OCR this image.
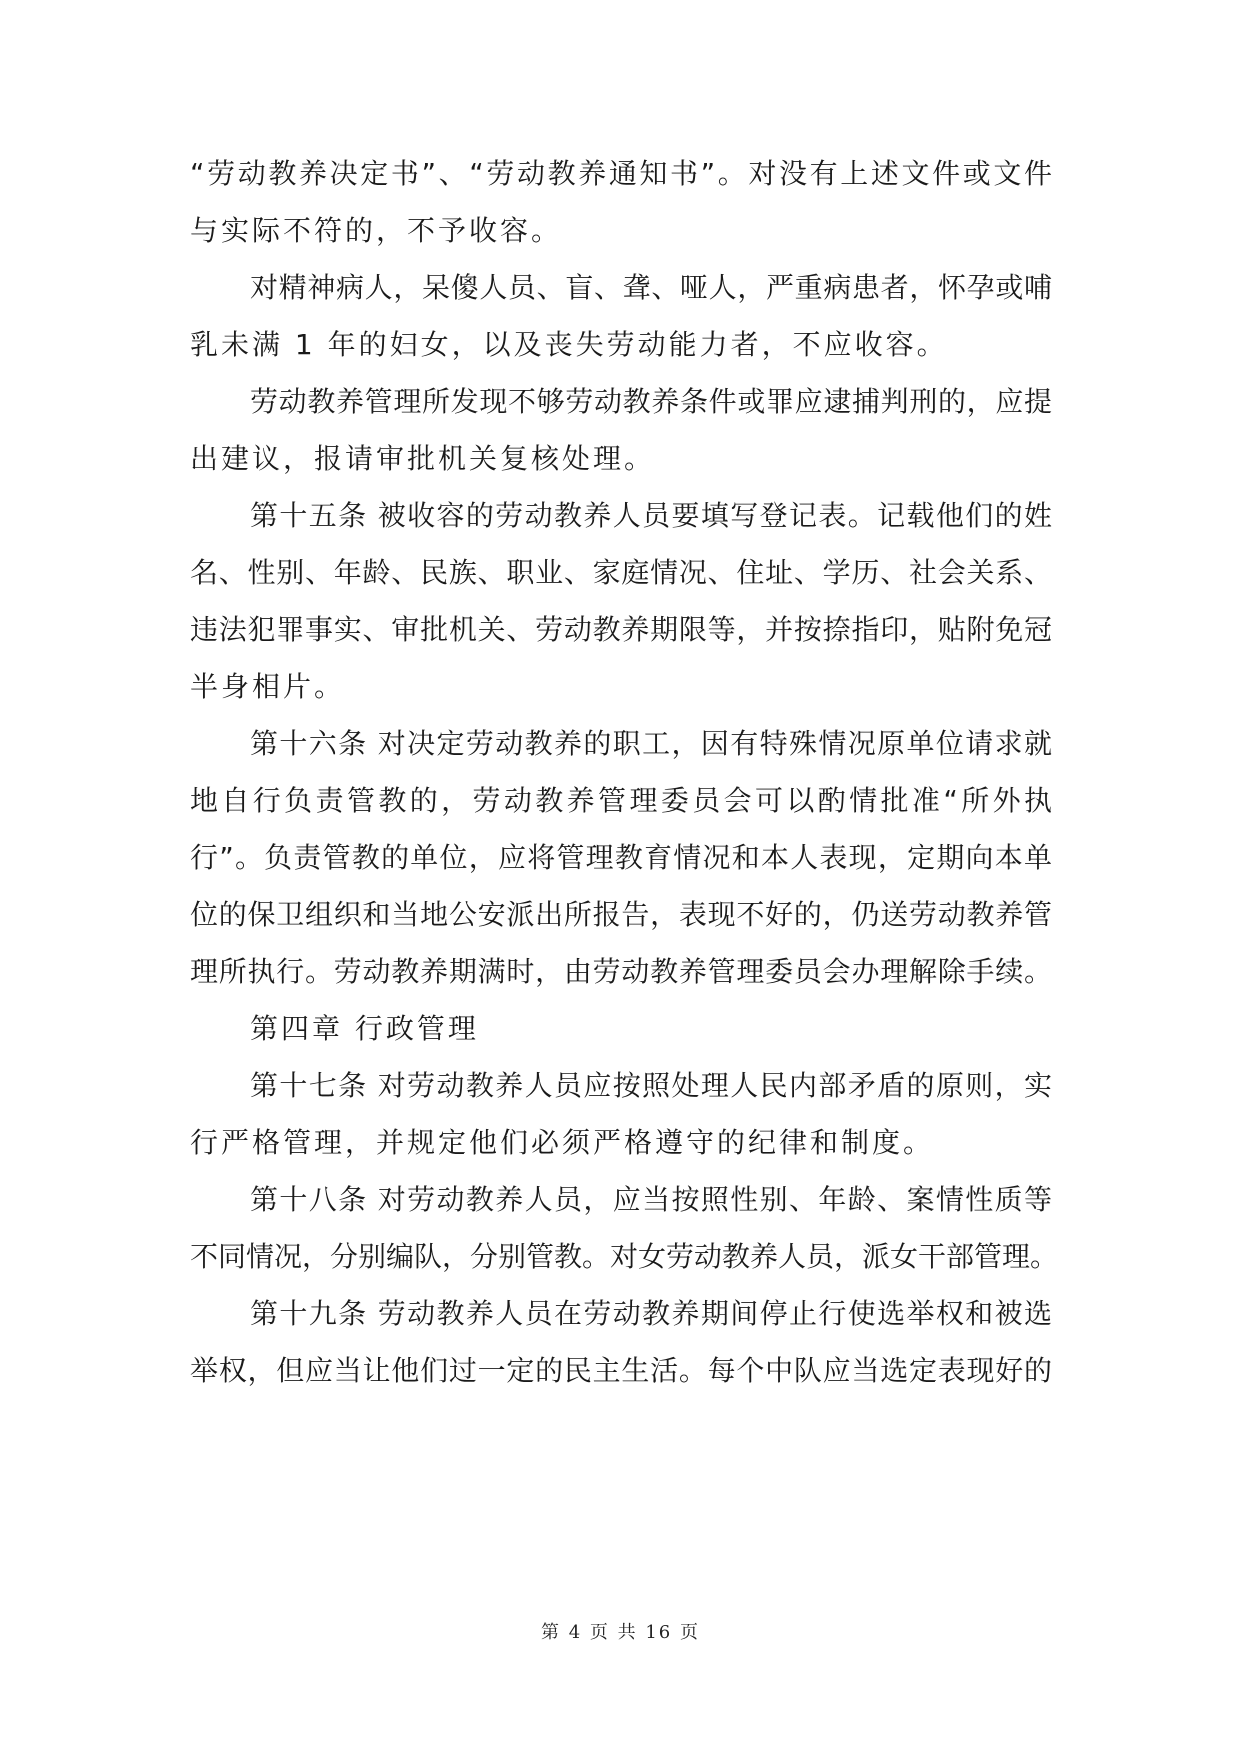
“劳动教养决定书”、“劳动教养通知书”。对没有上述文件或文件
与实际不符的，不予收容。
对精神病人，呆傻人员、盲、聋、哑人，严重病患者，怀孕或哺
乳未满 1 年的妇女，以及丧失劳动能力者，不应收容。
劳动教养管理所发现不够劳动教养条件或罪应逮捕判刑的，应提
出建议，报请审批机关复核处理。
第十五条 被收容的劳动教养人员要填写登记表。记载他们的姓
名、性别、年龄、民族、职业、家庭情况、住址、学历、社会关系、
违法犯罪事实、审批机关、劳动教养期限等，并按捺指印，贴附免冠
半身相片。
第十六条 对决定劳动教养的职工，因有特殊情况原单位请求就
地自行负责管教的，劳动教养管理委员会可以酌情批准“所外执
行”。负责管教的单位，应将管理教育情况和本人表现，定期向本单
位的保卫组织和当地公安派出所报告，表现不好的，仍送劳动教养管
理所执行。劳动教养期满时，由劳动教养管理委员会办理解除手续。
第四章 行政管理
第十七条 对劳动教养人员应按照处理人民内部矛盾的原则，实
行严格管理，并规定他们必须严格遵守的纪律和制度。
第十八条 对劳动教养人员，应当按照性别、年龄、案情性质等
不同情况，分别编队，分别管教。对女劳动教养人员，派女干部管理。
第十九条 劳动教养人员在劳动教养期间停止行使选举权和被选
举权，但应当让他们过一定的民主生活。每个中队应当选定表现好的
第 4 页 共 16 页
